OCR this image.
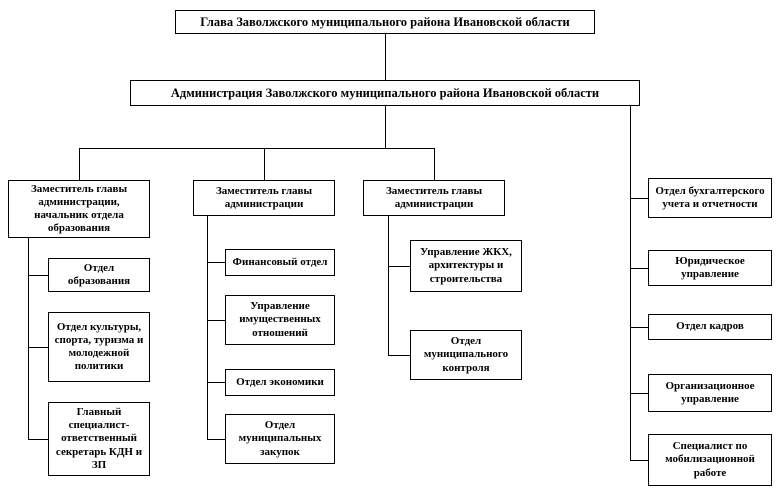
Глава Заволжского муниципального района Ивановской области
Администрация Заволжского муниципального района Ивановской области
Заместитель главы администрации, начальник отдела образования
Заместитель главы администрации
Заместитель главы администрации
Отдел образования
Отдел культуры, спорта, туризма и молодежной политики
Главный специалист- ответственный секретарь КДН и ЗП
Финансовый отдел
Управление имущественных отношений
Отдел экономики
Отдел муниципальных закупок
Управление ЖКХ, архитектуры и строительства
Отдел муниципального контроля
Отдел бухгалтерского учета и отчетности
Юридическое управление
Отдел кадров
Организационное управление
Специалист по мобилизационной работе
